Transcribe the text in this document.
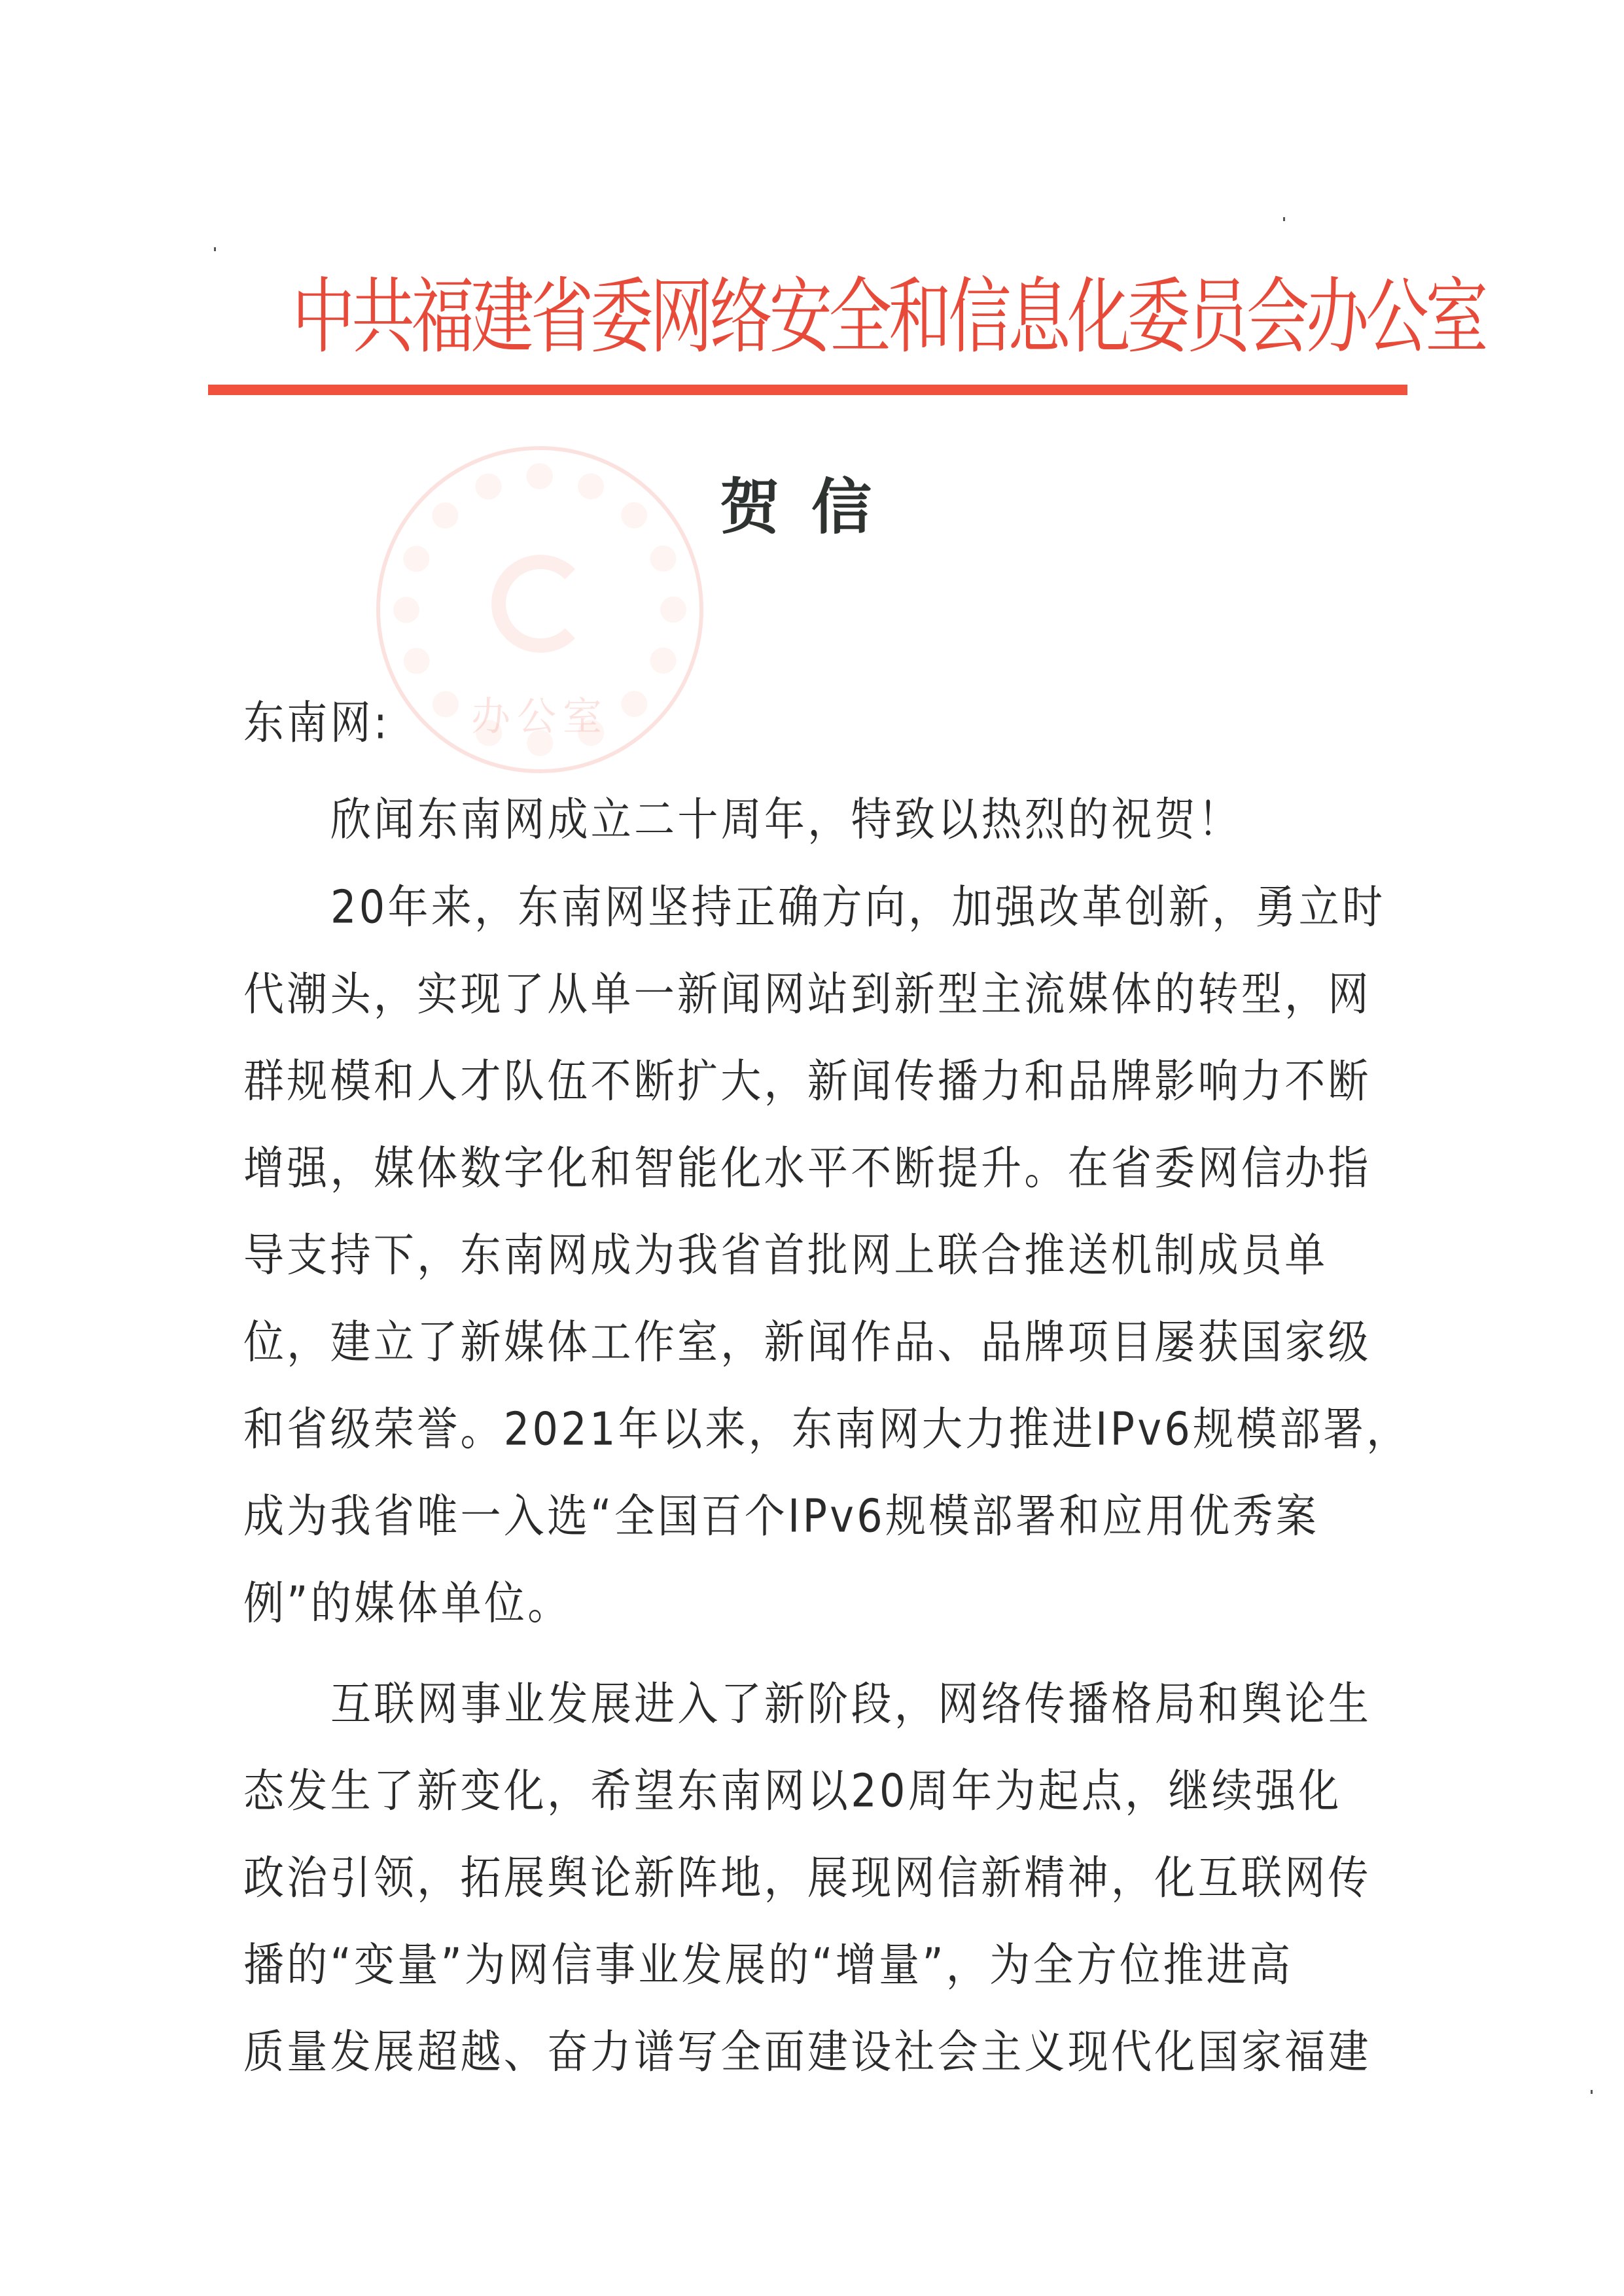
中共福建省委网络安全和信息化委员会办公室
办公室
贺信
东南网:
欣闻东南网成立二十周年，特致以热烈的祝贺！
20年来，东南网坚持正确方向，加强改革创新，勇立时
代潮头，实现了从单一新闻网站到新型主流媒体的转型，网
群规模和人才队伍不断扩大，新闻传播力和品牌影响力不断
增强，媒体数字化和智能化水平不断提升。在省委网信办指
导支持下，东南网成为我省首批网上联合推送机制成员单
位，建立了新媒体工作室，新闻作品、品牌项目屡获国家级
和省级荣誉。2021年以来，东南网大力推进IPv6规模部署，
成为我省唯一入选“全国百个IPv6规模部署和应用优秀案
例”的媒体单位。
互联网事业发展进入了新阶段，网络传播格局和舆论生
态发生了新变化，希望东南网以20周年为起点，继续强化
政治引领，拓展舆论新阵地，展现网信新精神，化互联网传
播的“变量”为网信事业发展的“增量”，为全方位推进高
质量发展超越、奋力谱写全面建设社会主义现代化国家福建
